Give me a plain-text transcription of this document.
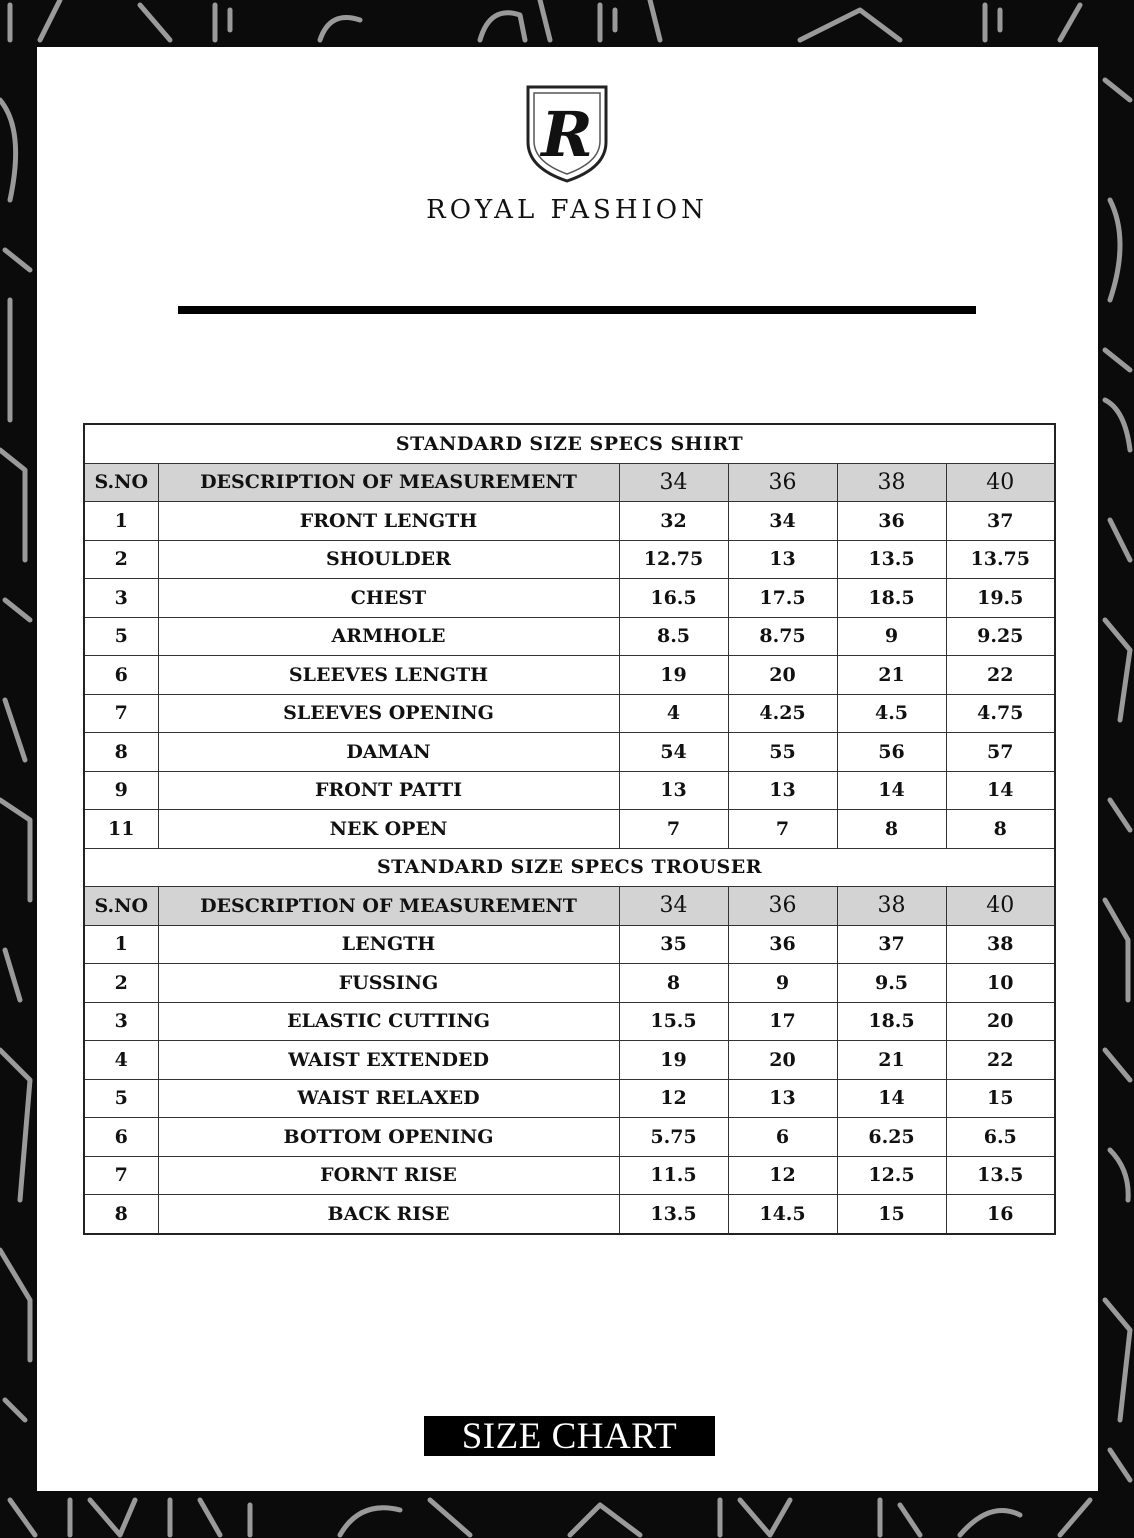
R
ROYAL FASHION
STANDARD SIZE SPECS SHIRT					
S.NO	DESCRIPTION OF MEASUREMENT	34	36	38	40
1	FRONT LENGTH	32	34	36	37
2	SHOULDER	12.75	13	13.5	13.75
3	CHEST	16.5	17.5	18.5	19.5
5	ARMHOLE	8.5	8.75	9	9.25
6	SLEEVES LENGTH	19	20	21	22
7	SLEEVES OPENING	4	4.25	4.5	4.75
8	DAMAN	54	55	56	57
9	FRONT PATTI	13	13	14	14
11	NEK OPEN	7	7	8	8
STANDARD SIZE SPECS TROUSER					
S.NO	DESCRIPTION OF MEASUREMENT	34	36	38	40
1	LENGTH	35	36	37	38
2	FUSSING	8	9	9.5	10
3	ELASTIC CUTTING	15.5	17	18.5	20
4	WAIST EXTENDED	19	20	21	22
5	WAIST RELAXED	12	13	14	15
6	BOTTOM OPENING	5.75	6	6.25	6.5
7	FORNT RISE	11.5	12	12.5	13.5
8	BACK RISE	13.5	14.5	15	16
SIZE CHART
